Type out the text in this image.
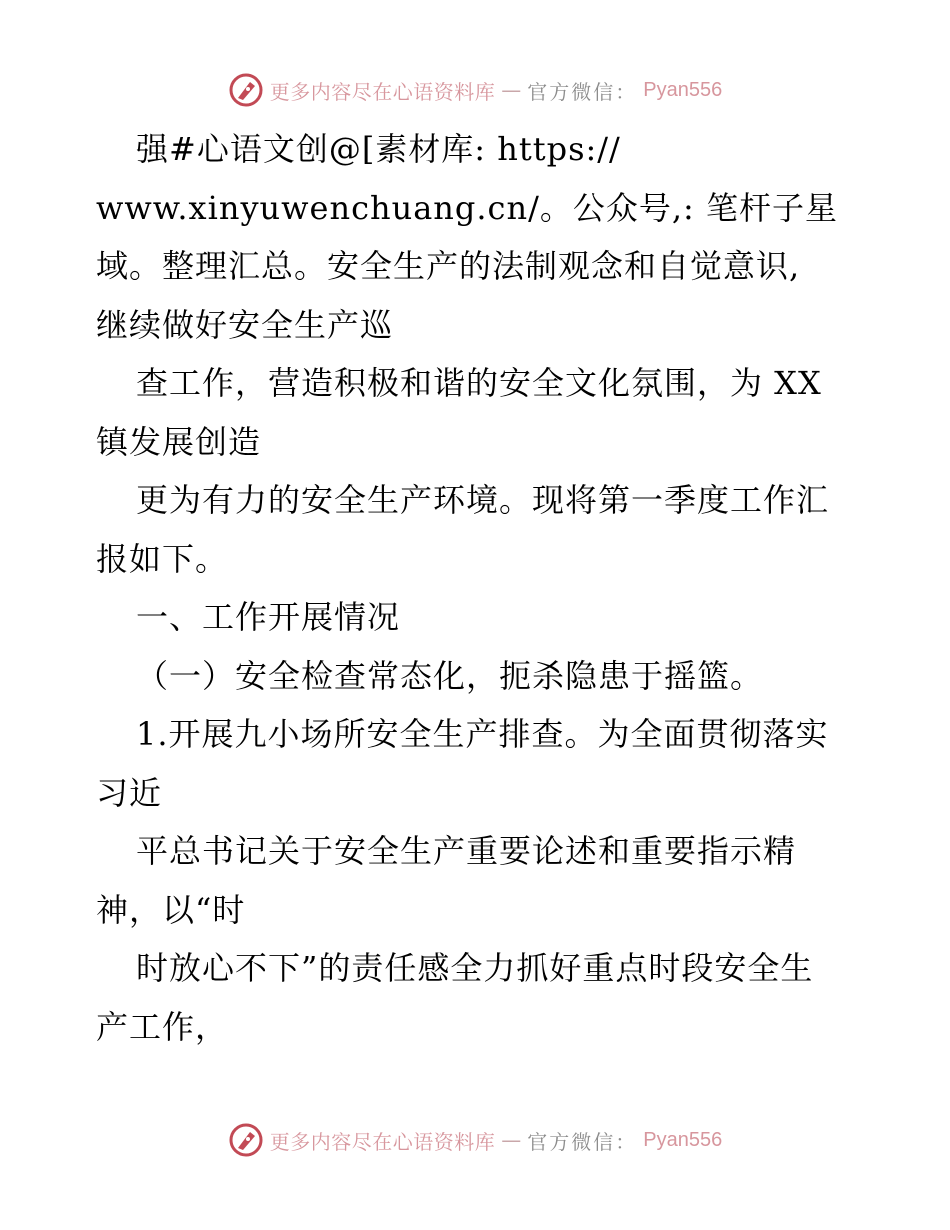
更多内容尽在心语资料库 — 官方微信： Pyan556
强#心语文创@[素材库: https://
www.xinyuwenchuang.cn/。公众号,: 笔杆子星
域。整理汇总。安全生产的法制观念和自觉意识,
继续做好安全生产巡
查工作，营造积极和谐的安全文化氛围，为 XX
镇发展创造
更为有力的安全生产环境。现将第一季度工作汇
报如下。
一、工作开展情况
（一）安全检查常态化，扼杀隐患于摇篮。
1.开展九小场所安全生产排查。为全面贯彻落实
习近
平总书记关于安全生产重要论述和重要指示精
神，以“时
时放心不下”的责任感全力抓好重点时段安全生
产工作，
更多内容尽在心语资料库 — 官方微信： Pyan556
